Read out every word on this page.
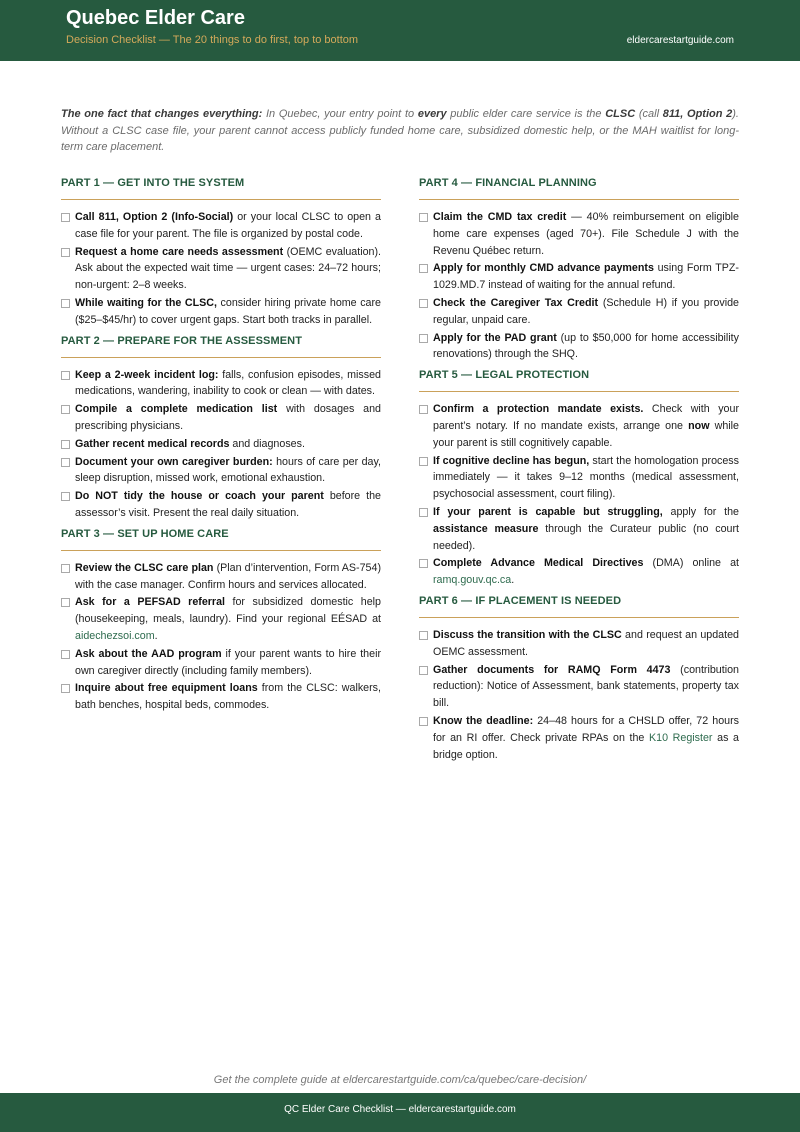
Quebec Elder Care
Decision Checklist — The 20 things to do first, top to bottom	eldercarestartguide.com

The one fact that changes everything: In Quebec, your entry point to every public elder care service is the CLSC (call 811, Option 2). Without a CLSC case file, your parent cannot access publicly funded home care, subsidized domestic help, or the MAH waitlist for long-term care placement.

PART 1 — GET INTO THE SYSTEM
Call 811, Option 2 (Info-Social) or your local CLSC to open a case file for your parent. The file is organized by postal code.
Request a home care needs assessment (OEMC evaluation). Ask about the expected wait time — urgent cases: 24–72 hours; non-urgent: 2–8 weeks.
While waiting for the CLSC, consider hiring private home care ($25–$45/hr) to cover urgent gaps. Start both tracks in parallel.
PART 2 — PREPARE FOR THE ASSESSMENT
Keep a 2-week incident log: falls, confusion episodes, missed medications, wandering, inability to cook or clean — with dates.
Compile a complete medication list with dosages and prescribing physicians.
Gather recent medical records and diagnoses.
Document your own caregiver burden: hours of care per day, sleep disruption, missed work, emotional exhaustion.
Do NOT tidy the house or coach your parent before the assessor’s visit. Present the real daily situation.
PART 3 — SET UP HOME CARE
Review the CLSC care plan (Plan d’intervention, Form AS-754) with the case manager. Confirm hours and services allocated.
Ask for a PEFSAD referral for subsidized domestic help (housekeeping, meals, laundry). Find your regional EÉSAD at aidechezsoi.com.
Ask about the AAD program if your parent wants to hire their own caregiver directly (including family members).
Inquire about free equipment loans from the CLSC: walkers, bath benches, hospital beds, commodes.
PART 4 — FINANCIAL PLANNING
Claim the CMD tax credit — 40% reimbursement on eligible home care expenses (aged 70+). File Schedule J with the Revenu Québec return.
Apply for monthly CMD advance payments using Form TPZ-1029.MD.7 instead of waiting for the annual refund.
Check the Caregiver Tax Credit (Schedule H) if you provide regular, unpaid care.
Apply for the PAD grant (up to $50,000 for home accessibility renovations) through the SHQ.
PART 5 — LEGAL PROTECTION
Confirm a protection mandate exists. Check with your parent’s notary. If no mandate exists, arrange one now while your parent is still cognitively capable.
If cognitive decline has begun, start the homologation process immediately — it takes 9–12 months (medical assessment, psychosocial assessment, court filing).
If your parent is capable but struggling, apply for the assistance measure through the Curateur public (no court needed).
Complete Advance Medical Directives (DMA) online at ramq.gouv.qc.ca.
PART 6 — IF PLACEMENT IS NEEDED
Discuss the transition with the CLSC and request an updated OEMC assessment.
Gather documents for RAMQ Form 4473 (contribution reduction): Notice of Assessment, bank statements, property tax bill.
Know the deadline: 24–48 hours for a CHSLD offer, 72 hours for an RI offer. Check private RPAs on the K10 Register as a bridge option.
Get the complete guide at eldercarestartguide.com/ca/quebec/care-decision/
QC Elder Care Checklist — eldercarestartguide.com
